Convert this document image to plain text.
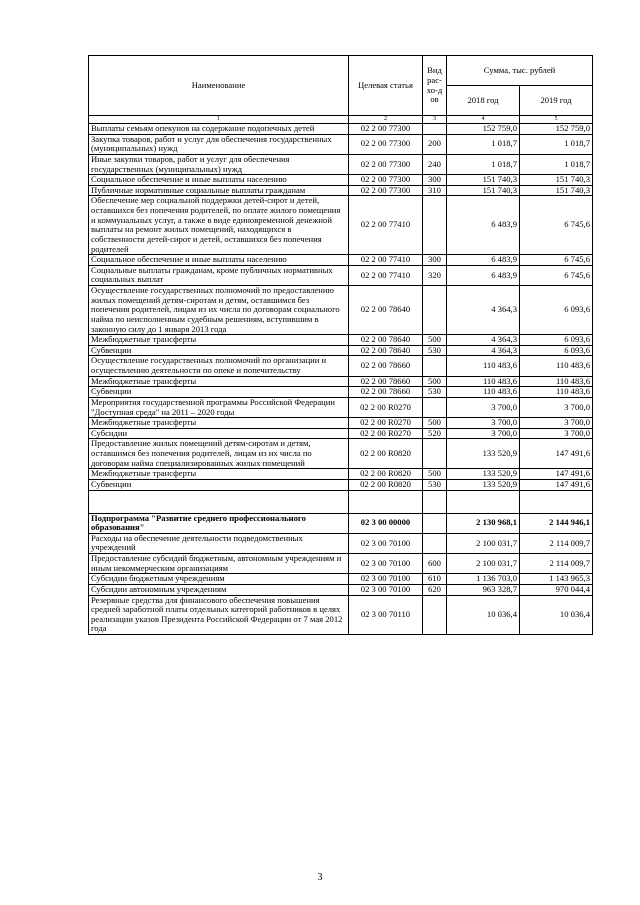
Наименование	Целевая статья	Вид рас-хо-дов	Сумма, тыс. рублей	
			2018 год	2019 год
1	2	3	4	5
Выплаты семьям опекунов на содержание подопечных детей	02 2 00 77300		152 759,0	152 759,0
Закупка товаров, работ и услуг для обеспечения государственных (муниципальных) нужд	02 2 00 77300	200	1 018,7	1 018,7
Иные закупки товаров, работ и услуг для обеспечения государственных (муниципальных) нужд	02 2 00 77300	240	1 018,7	1 018,7
Социальное обеспечение и иные выплаты населению	02 2 00 77300	300	151 740,3	151 740,3
Публичные нормативные социальные выплаты гражданам	02 2 00 77300	310	151 740,3	151 740,3
Обеспечение мер социальной поддержки детей-сирот и детей, оставшихся без попечения родителей, по оплате жилого помещения и коммунальных услуг, а также в виде единовременной денежной выплаты на ремонт жилых помещений, находящихся в собственности детей-сирот и детей, оставшихся без попечения родителей	02 2 00 77410		6 483,9	6 745,6
Социальное обеспечение и иные выплаты населению	02 2 00 77410	300	6 483,9	6 745,6
Социальные выплаты гражданам, кроме публичных нормативных социальных выплат	02 2 00 77410	320	6 483,9	6 745,6
Осуществление государственных полномочий по предоставлению жилых помещений детям-сиротам и детям, оставшимся без попечения родителей, лицам из их числа по договорам социального найма по неисполненным судебным решениям, вступившим в законную силу до 1 января 2013 года	02 2 00 78640		4 364,3	6 093,6
Межбюджетные трансферты	02 2 00 78640	500	4 364,3	6 093,6
Субвенции	02 2 00 78640	530	4 364,3	6 093,6
Осуществление государственных полномочий по организации и осуществлению деятельности по опеке и попечительству	02 2 00 78660		110 483,6	110 483,6
Межбюджетные трансферты	02 2 00 78660	500	110 483,6	110 483,6
Субвенции	02 2 00 78660	530	110 483,6	110 483,6
Мероприятия государственной программы Российской Федерации "Доступная среда" на 2011 – 2020 годы	02 2 00 R0270		3 700,0	3 700,0
Межбюджетные трансферты	02 2 00 R0270	500	3 700,0	3 700,0
Субсидии	02 2 00 R0270	520	3 700,0	3 700,0
Предоставление жилых помещений детям-сиротам и детям, оставшимся без попечения родителей, лицам из их числа по договорам найма специализированных жилых помещений	02 2 00 R0820		133 520,9	147 491,6
Межбюджетные трансферты	02 2 00 R0820	500	133 520,9	147 491,6
Субвенции	02 2 00 R0820	530	133 520,9	147 491,6

Подпрограмма "Развитие среднего профессионального образования"	02 3 00 00000		2 130 968,1	2 144 946,1
Расходы на обеспечение деятельности подведомственных учреждений	02 3 00 70100		2 100 031,7	2 114 009,7
Предоставление субсидий бюджетным, автономным учреждениям и иным некоммерческим организациям	02 3 00 70100	600	2 100 031,7	2 114 009,7
Субсидии бюджетным учреждениям	02 3 00 70100	610	1 136 703,0	1 143 965,3
Субсидии автономным учреждениям	02 3 00 70100	620	963 328,7	970 044,4
Резервные средства для финансового обеспечения повышения средней заработной платы отдельных категорий работников в целях реализации указов Президента Российской Федерации от 7 мая 2012 года	02 3 00 70110		10 036,4	10 036,4
3
